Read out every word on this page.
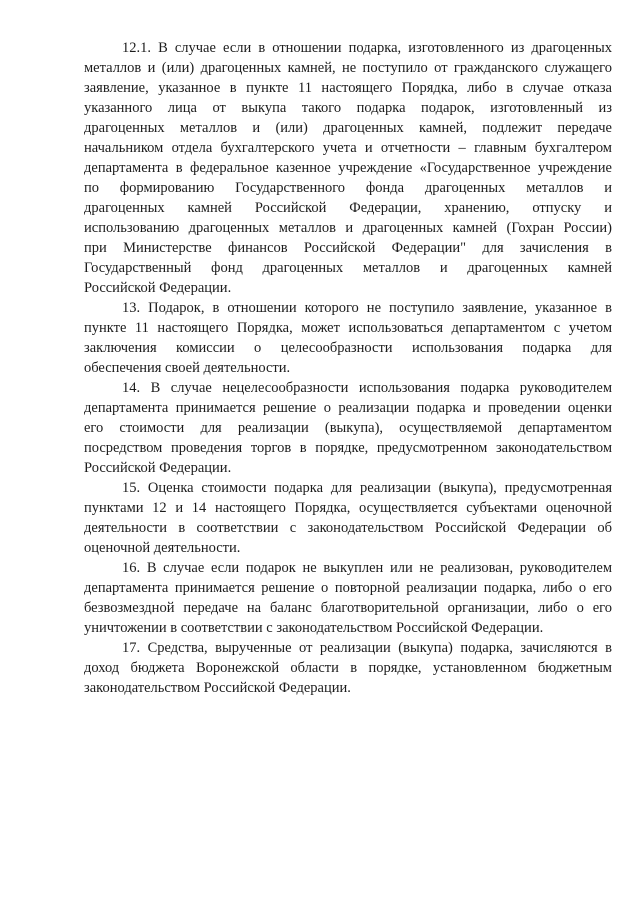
12.1. В случае если в отношении подарка, изготовленного из драгоценных
металлов и (или) драгоценных камней, не поступило от гражданского служащего
заявление, указанное в пункте 11 настоящего Порядка, либо в случае отказа
указанного лица от выкупа такого подарка подарок, изготовленный из
драгоценных металлов и (или) драгоценных камней, подлежит передаче
начальником отдела бухгалтерского учета и отчетности – главным бухгалтером
департамента в федеральное казенное учреждение «Государственное учреждение
по формированию Государственного фонда драгоценных металлов и
драгоценных камней Российской Федерации, хранению, отпуску и
использованию драгоценных металлов и драгоценных камней (Гохран России)
при Министерстве финансов Российской Федерации" для зачисления в
Государственный фонд драгоценных металлов и драгоценных камней
Российской Федерации.
13. Подарок, в отношении которого не поступило заявление, указанное в
пункте 11 настоящего Порядка, может использоваться департаментом с учетом
заключения комиссии о целесообразности использования подарка для
обеспечения своей деятельности.
14. В случае нецелесообразности использования подарка руководителем
департамента принимается решение о реализации подарка и проведении оценки
его стоимости для реализации (выкупа), осуществляемой департаментом
посредством проведения торгов в порядке, предусмотренном законодательством
Российской Федерации.
15. Оценка стоимости подарка для реализации (выкупа), предусмотренная
пунктами 12 и 14 настоящего Порядка, осуществляется субъектами оценочной
деятельности в соответствии с законодательством Российской Федерации об
оценочной деятельности.
16. В случае если подарок не выкуплен или не реализован, руководителем
департамента принимается решение о повторной реализации подарка, либо о его
безвозмездной передаче на баланс благотворительной организации, либо о его
уничтожении в соответствии с законодательством Российской Федерации.
17. Средства, вырученные от реализации (выкупа) подарка, зачисляются в
доход бюджета Воронежской области в порядке, установленном бюджетным
законодательством Российской Федерации.
